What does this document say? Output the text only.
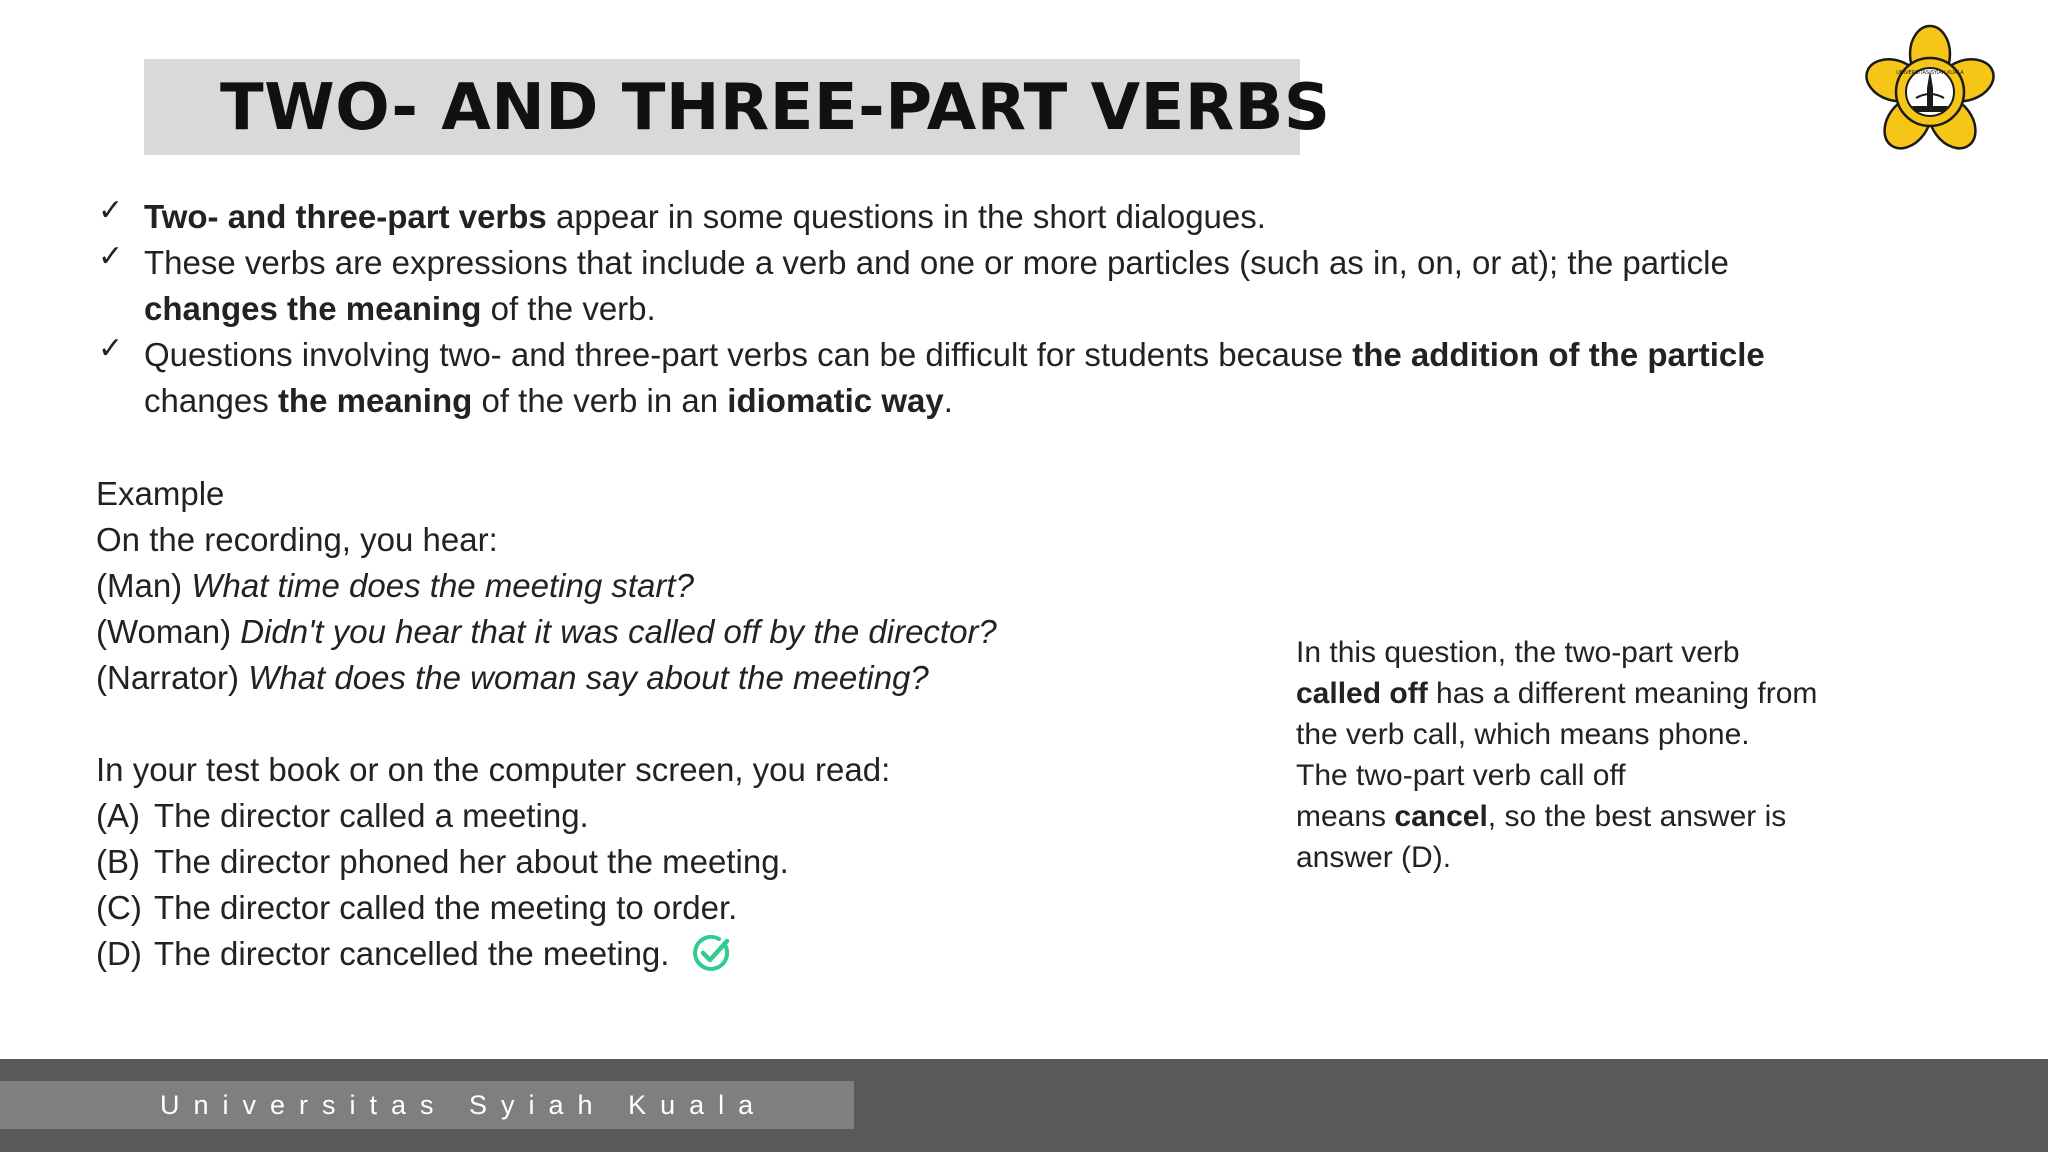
TWO- AND THREE-PART VERBS	UNIVERSITAS SYIAH KUALA
✓ Two- and three-part verbs appear in some questions in the short dialogues.
✓ These verbs are expressions that include a verb and one or more particles (such as in, on, or at); the particle
changes the meaning of the verb.
✓ Questions involving two- and three-part verbs can be difficult for students because the addition of the particle
changes the meaning of the verb in an idiomatic way.
Example
On the recording, you hear:
(Man) What time does the meeting start?
(Woman) Didn't you hear that it was called off by the director?
(Narrator) What does the woman say about the meeting?
In your test book or on the computer screen, you read:
(A) The director called a meeting.
(B) The director phoned her about the meeting.
(C) The director called the meeting to order.
(D) The director cancelled the meeting.
In this question, the two-part verb
called off has a different meaning from
the verb call, which means phone.
The two-part verb call off
means cancel, so the best answer is
answer (D).
Universitas Syiah Kuala
